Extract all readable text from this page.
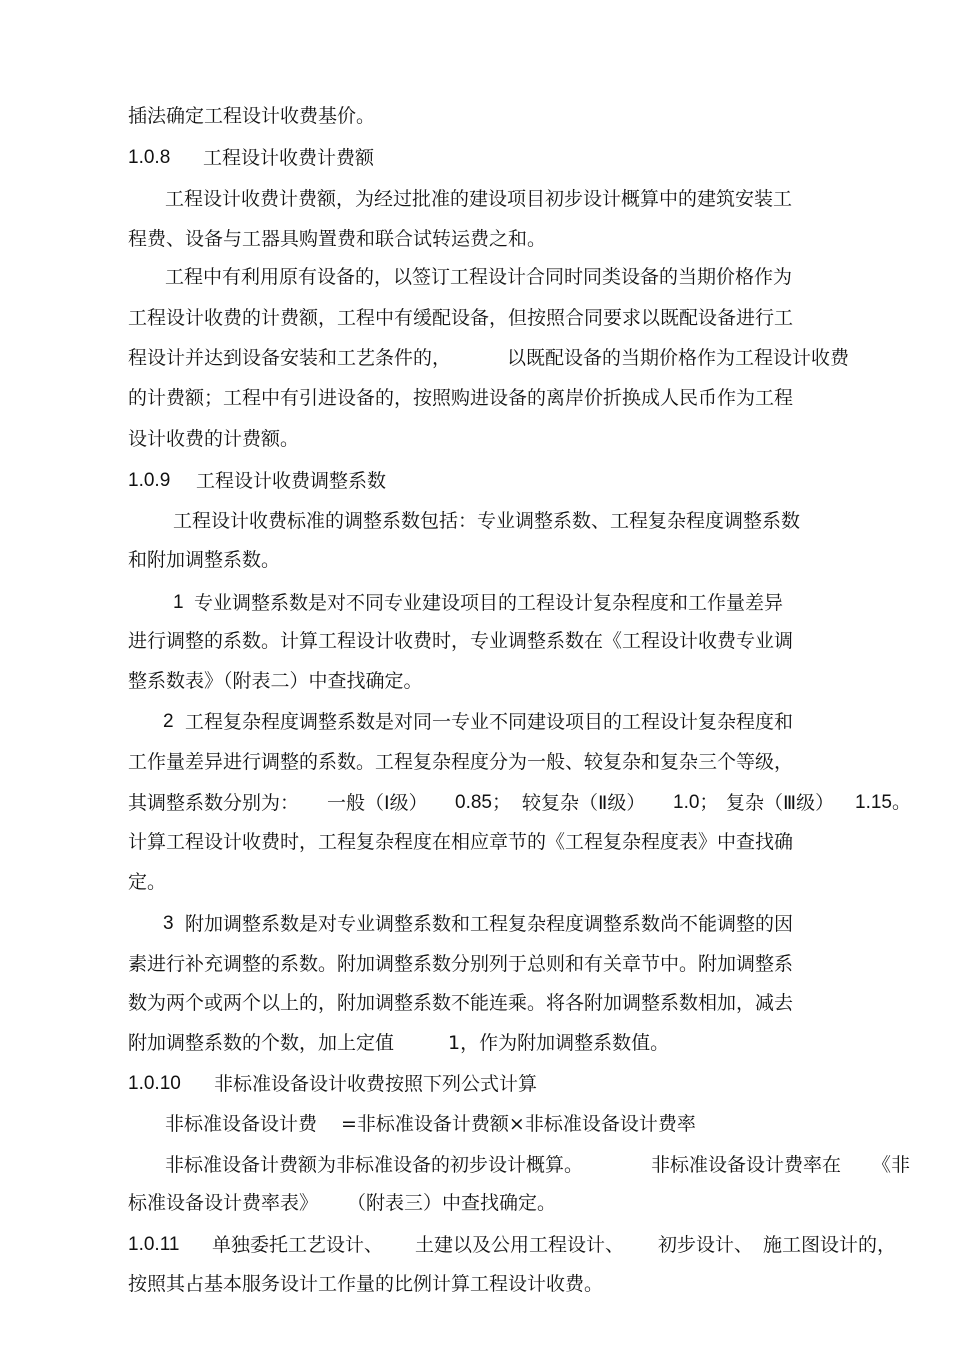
插法确定工程设计收费基价。
1.0.8 工程设计收费计费额
工程设计收费计费额，为经过批准的建设项目初步设计概算中的建筑安装工
程费、设备与工器具购置费和联合试转运费之和。
工程中有利用原有设备的，以签订工程设计合同时同类设备的当期价格作为
工程设计收费的计费额，工程中有缓配设备，但按照合同要求以既配设备进行工
程设计并达到设备安装和工艺条件的，	以既配设备的当期价格作为工程设计收费
的计费额；工程中有引进设备的，按照购进设备的离岸价折换成人民币作为工程
设计收费的计费额。
1.0.9 工程设计收费调整系数
工程设计收费标准的调整系数包括：专业调整系数、工程复杂程度调整系数
和附加调整系数。
1 专业调整系数是对不同专业建设项目的工程设计复杂程度和工作量差异
进行调整的系数。计算工程设计收费时，专业调整系数在《工程设计收费专业调
整系数表》（附表二）中查找确定。
2 工程复杂程度调整系数是对同一专业不同建设项目的工程设计复杂程度和
工作量差异进行调整的系数。工程复杂程度分为一般、较复杂和复杂三个等级，
其调整系数分别为： 一般（Ⅰ级） 0.85； 较复杂（Ⅱ级） 1.0； 复杂（Ⅲ级） 1.15。
计算工程设计收费时，工程复杂程度在相应章节的《工程复杂程度表》中查找确
定。
3 附加调整系数是对专业调整系数和工程复杂程度调整系数尚不能调整的因
素进行补充调整的系数。附加调整系数分别列于总则和有关章节中。附加调整系
数为两个或两个以上的，附加调整系数不能连乘。将各附加调整系数相加，减去
附加调整系数的个数，加上定值	1，作为附加调整系数值。
1.0.10 非标准设备设计收费按照下列公式计算
非标准设备设计费 =非标准设备计费额×非标准设备设计费率
非标准设备计费额为非标准设备的初步设计概算。	非标准设备设计费率在 《非
标准设备设计费率表》 （附表三）中查找确定。
1.0.11 单独委托工艺设计、 土建以及公用工程设计、 初步设计、 施工图设计的，
按照其占基本服务设计工作量的比例计算工程设计收费。
